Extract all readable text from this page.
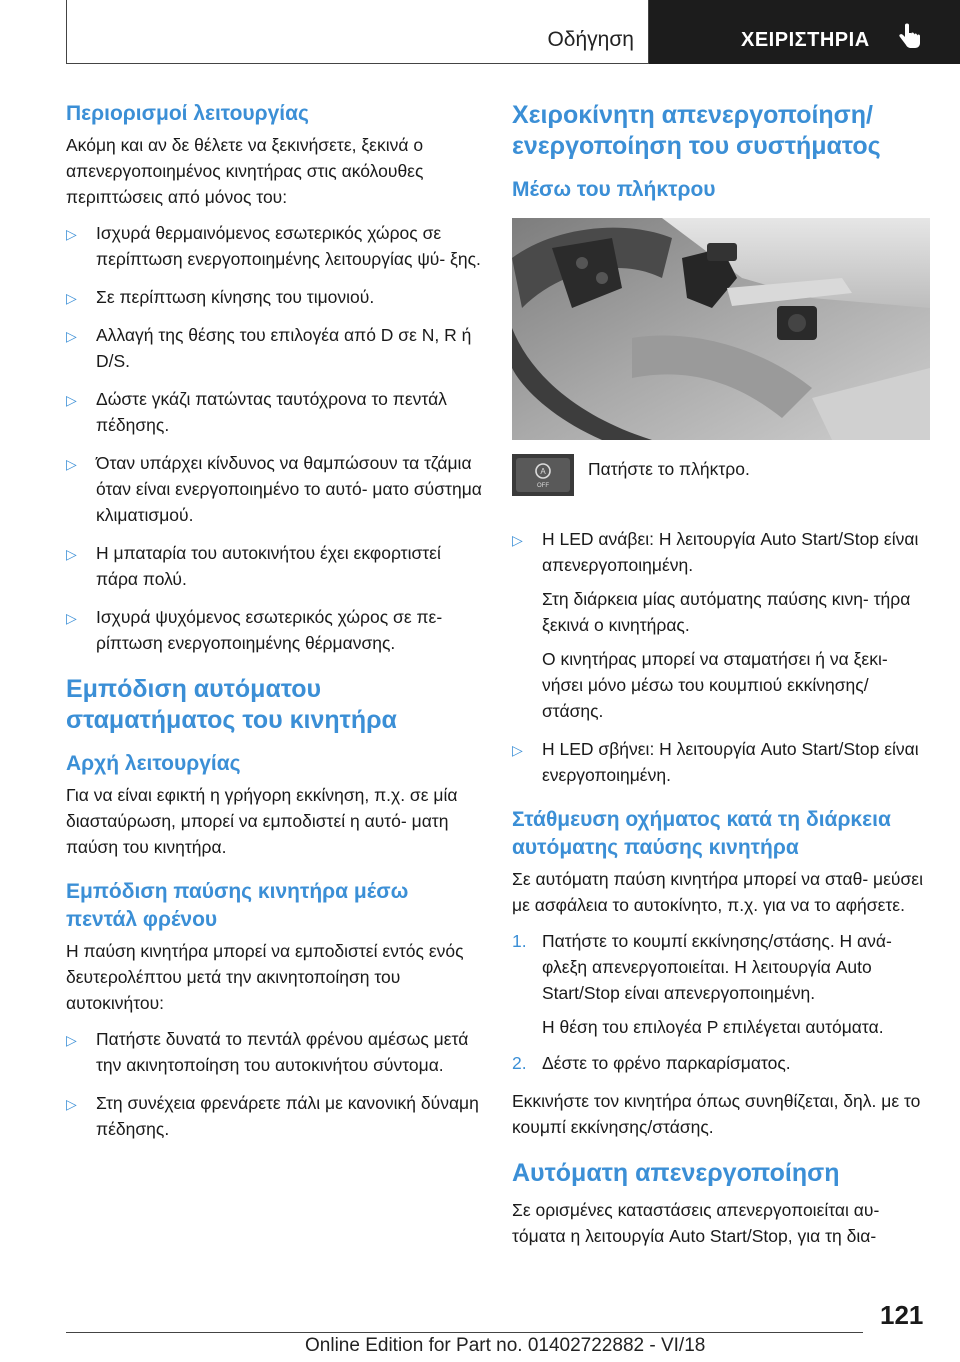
Οδήγηση	ΧΕΙΡΙΣΤΗΡΙΑ
Περιορισμοί λειτουργίας

Ακόμη και αν δε θέλετε να ξεκινήσετε, ξεκινά ο απενεργοποιημένος κινητήρας στις ακόλουθες περιπτώσεις από μόνος του:

▷ Ισχυρά θερμαινόμενος εσωτερικός χώρος σε περίπτωση ενεργοποιημένης λειτουργίας ψύ‐ ξης.
▷ Σε περίπτωση κίνησης του τιμονιού.
▷ Αλλαγή της θέσης του επιλογέα από D σε N, R ή D/S.
▷ Δώστε γκάζι πατώντας ταυτόχρονα το πεντάλ πέδησης.
▷ Όταν υπάρχει κίνδυνος να θαμπώσουν τα τζάμια όταν είναι ενεργοποιημένο το αυτό‐ ματο σύστημα κλιματισμού.
▷ Η μπαταρία του αυτοκινήτου έχει εκφορτιστεί πάρα πολύ.
▷ Ισχυρά ψυχόμενος εσωτερικός χώρος σε πε‐ ρίπτωση ενεργοποιημένης θέρμανσης.
Εμπόδιση αυτόματου σταματήματος του κινητήρα
Αρχή λειτουργίας

Για να είναι εφικτή η γρήγορη εκκίνηση, π.χ. σε μία διασταύρωση, μπορεί να εμποδιστεί η αυτό‐ ματη παύση του κινητήρα.

Εμπόδιση παύσης κινητήρα μέσω πεντάλ φρένου

Η παύση κινητήρα μπορεί να εμποδιστεί εντός ενός δευτερολέπτου μετά την ακινητοποίηση του αυτοκινήτου:

▷ Πατήστε δυνατά το πεντάλ φρένου αμέσως μετά την ακινητοποίηση του αυτοκινήτου σύντομα.
▷ Στη συνέχεια φρενάρετε πάλι με κανονική δύναμη πέδησης.
Χειροκίνητη απενεργοποίηση/ ενεργοποίηση του συστήματος
Μέσω του πλήκτρου
A
OFF
Πατήστε το πλήκτρο.
▷ Η LED ανάβει: Η λειτουργία Auto Start/Stop είναι απενεργοποιημένη.
Στη διάρκεια μίας αυτόματης παύσης κινη‐ τήρα ξεκινά ο κινητήρας.
Ο κινητήρας μπορεί να σταματήσει ή να ξεκι‐ νήσει μόνο μέσω του κουμπιού εκκίνησης/ στάσης.
▷ Η LED σβήνει: Η λειτουργία Auto Start/Stop είναι ενεργοποιημένη.
Στάθμευση οχήματος κατά τη διάρκεια αυτόματης παύσης κινητήρα

Σε αυτόματη παύση κινητήρα μπορεί να σταθ‐ μεύσει με ασφάλεια το αυτοκίνητο, π.χ. για να το αφήσετε.

1. Πατήστε το κουμπί εκκίνησης/στάσης. Η ανά‐ φλεξη απενεργοποιείται. Η λειτουργία Auto Start/Stop είναι απενεργοποιημένη.
Η θέση του επιλογέα P επιλέγεται αυτόματα.
2. Δέστε το φρένο παρκαρίσματος.

Εκκινήστε τον κινητήρα όπως συνηθίζεται, δηλ. με το κουμπί εκκίνησης/στάσης.

Αυτόματη απενεργοποίηση

Σε ορισμένες καταστάσεις απενεργοποιείται αυ‐ τόματα η λειτουργία Auto Start/Stop, για τη δια‐

121
Online Edition for Part no. 01402722882 - VI/18
